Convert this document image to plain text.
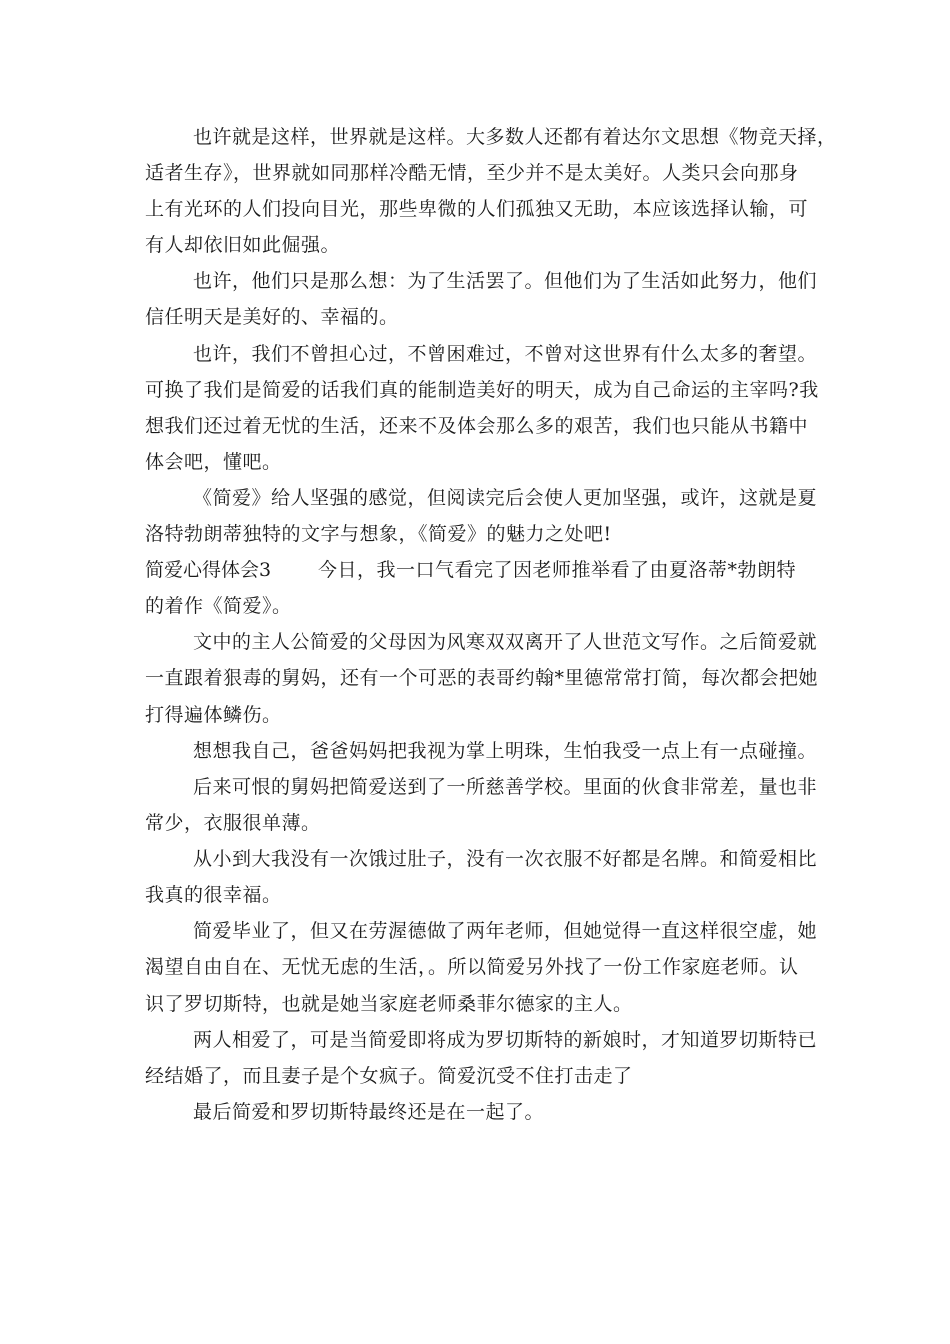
也许就是这样，世界就是这样。大多数人还都有着达尔文思想《物竞天择，
适者生存》，世界就如同那样冷酷无情，至少并不是太美好。人类只会向那身
上有光环的人们投向目光，那些卑微的人们孤独又无助，本应该选择认输，可
有人却依旧如此倔强。
也许，他们只是那么想：为了生活罢了。但他们为了生活如此努力，他们
信任明天是美好的、幸福的。
也许，我们不曾担心过，不曾困难过，不曾对这世界有什么太多的奢望。
可换了我们是简爱的话我们真的能制造美好的明天，成为自己命运的主宰吗?我
想我们还过着无忧的生活，还来不及体会那么多的艰苦，我们也只能从书籍中
体会吧，懂吧。
《简爱》给人坚强的感觉，但阅读完后会使人更加坚强，或许，这就是夏
洛特勃朗蒂独特的文字与想象，《简爱》的魅力之处吧!
简爱心得体会3 今日，我一口气看完了因老师推举看了由夏洛蒂*勃朗特
的着作《简爱》。
文中的主人公简爱的父母因为风寒双双离开了人世范文写作。之后简爱就
一直跟着狠毒的舅妈，还有一个可恶的表哥约翰*里德常常打简，每次都会把她
打得遍体鳞伤。
想想我自己，爸爸妈妈把我视为掌上明珠，生怕我受一点上有一点碰撞。
后来可恨的舅妈把简爱送到了一所慈善学校。里面的伙食非常差，量也非
常少，衣服很单薄。
从小到大我没有一次饿过肚子，没有一次衣服不好都是名牌。和简爱相比
我真的很幸福。
简爱毕业了，但又在劳渥德做了两年老师，但她觉得一直这样很空虚，她
渴望自由自在、无忧无虑的生活，。所以简爱另外找了一份工作家庭老师。认
识了罗切斯特，也就是她当家庭老师桑菲尔德家的主人。
两人相爱了，可是当简爱即将成为罗切斯特的新娘时，才知道罗切斯特已
经结婚了，而且妻子是个女疯子。简爱沉受不住打击走了
最后简爱和罗切斯特最终还是在一起了。
